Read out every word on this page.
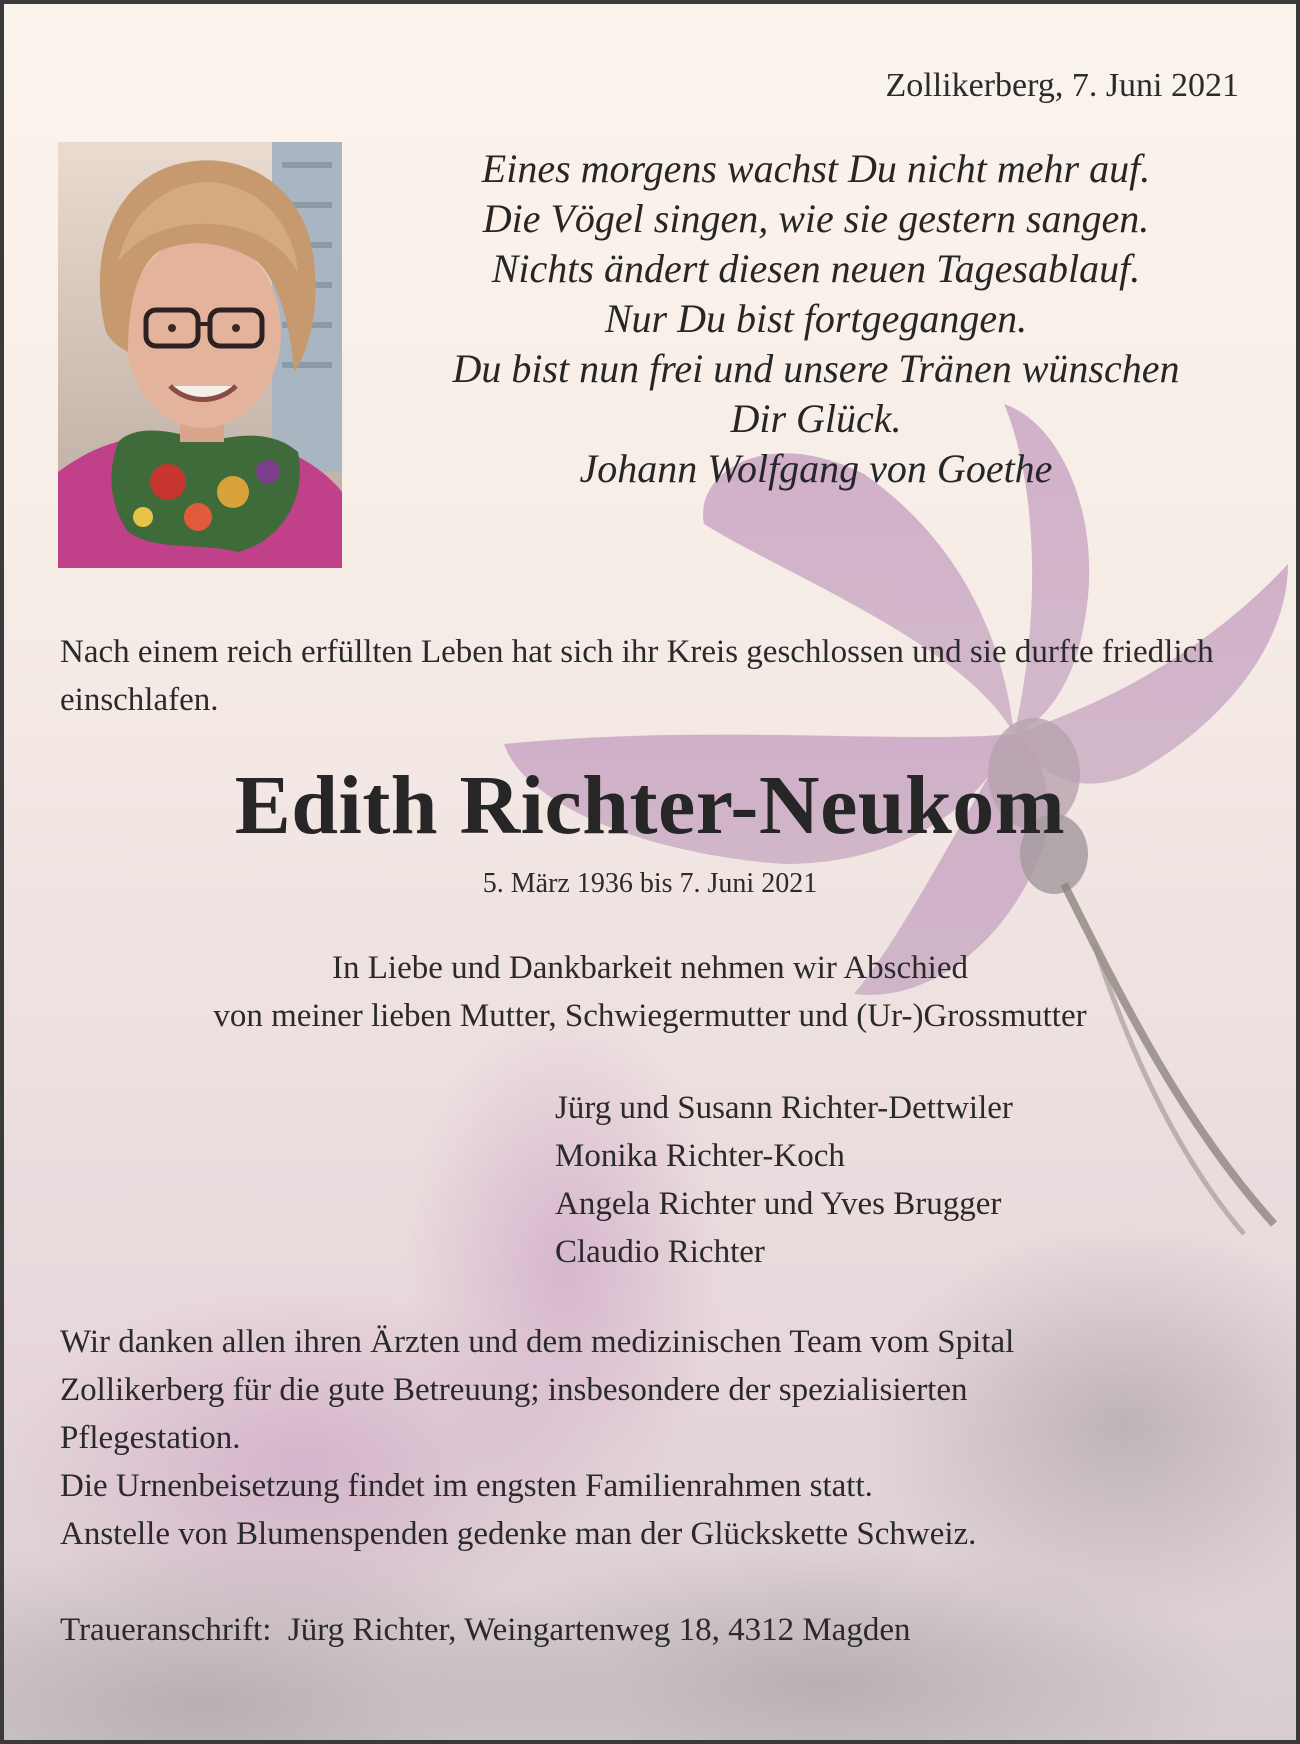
Zollikerberg, 7. Juni 2021
Eines morgens wachst Du nicht mehr auf.
Die Vögel singen, wie sie gestern sangen.
Nichts ändert diesen neuen Tagesablauf.
Nur Du bist fortgegangen.
Du bist nun frei und unsere Tränen wünschen
Dir Glück.
Johann Wolfgang von Goethe
Nach einem reich erfüllten Leben hat sich ihr Kreis geschlossen und sie durfte friedlich einschlafen.
Edith Richter-Neukom
5. März 1936 bis 7. Juni 2021
In Liebe und Dankbarkeit nehmen wir Abschied
von meiner lieben Mutter, Schwiegermutter und (Ur-)Grossmutter
Jürg und Susann Richter-Dettwiler
Monika Richter-Koch
Angela Richter und Yves Brugger
Claudio Richter
Wir danken allen ihren Ärzten und dem medizinischen Team vom Spital
Zollikerberg für die gute Betreuung; insbesondere der spezialisierten
Pflegestation.
Die Urnenbeisetzung findet im engsten Familienrahmen statt.
Anstelle von Blumenspenden gedenke man der Glückskette Schweiz.
Traueranschrift:  Jürg Richter, Weingartenweg 18, 4312 Magden
